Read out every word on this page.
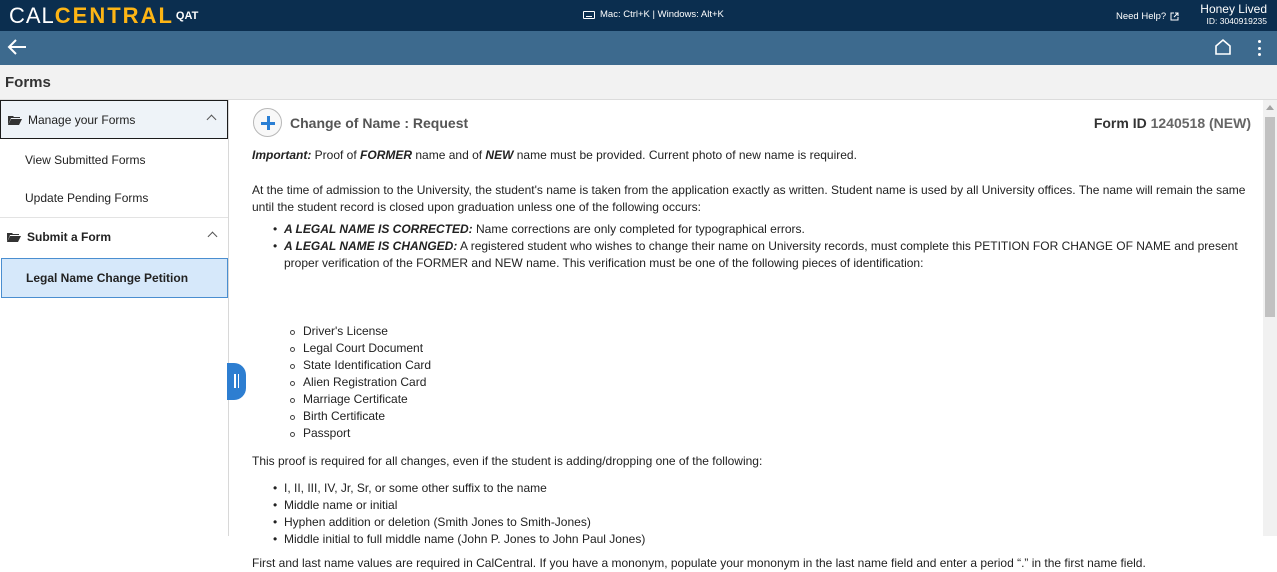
CALCENTRAL QAT	Mac: Ctrl+K | Windows: Alt+K	Need Help?
Honey Lived
ID: 3040919235
Forms
Manage your Forms
View Submitted Forms
Update Pending Forms
Submit a Form
Legal Name Change Petition
Change of Name : Request	Form ID 1240518 (NEW)

Important: Proof of FORMER name and of NEW name must be provided. Current photo of new name is required.

At the time of admission to the University, the student's name is taken from the application exactly as written. Student name is used by all University offices. The name will remain the same until the student record is closed upon graduation unless one of the following occurs:

• A LEGAL NAME IS CORRECTED: Name corrections are only completed for typographical errors.
• A LEGAL NAME IS CHANGED: A registered student who wishes to change their name on University records, must complete this PETITION FOR CHANGE OF NAME and present proper verification of the FORMER and NEW name. This verification must be one of the following pieces of identification:
Driver's License
Legal Court Document
State Identification Card
Alien Registration Card
Marriage Certificate
Birth Certificate
Passport

This proof is required for all changes, even if the student is adding/dropping one of the following:

• I, II, III, IV, Jr, Sr, or some other suffix to the name
• Middle name or initial
• Hyphen addition or deletion (Smith Jones to Smith-Jones)
• Middle initial to full middle name (John P. Jones to John Paul Jones)

First and last name values are required in CalCentral. If you have a mononym, populate your mononym in the last name field and enter a period “.” in the first name field.
